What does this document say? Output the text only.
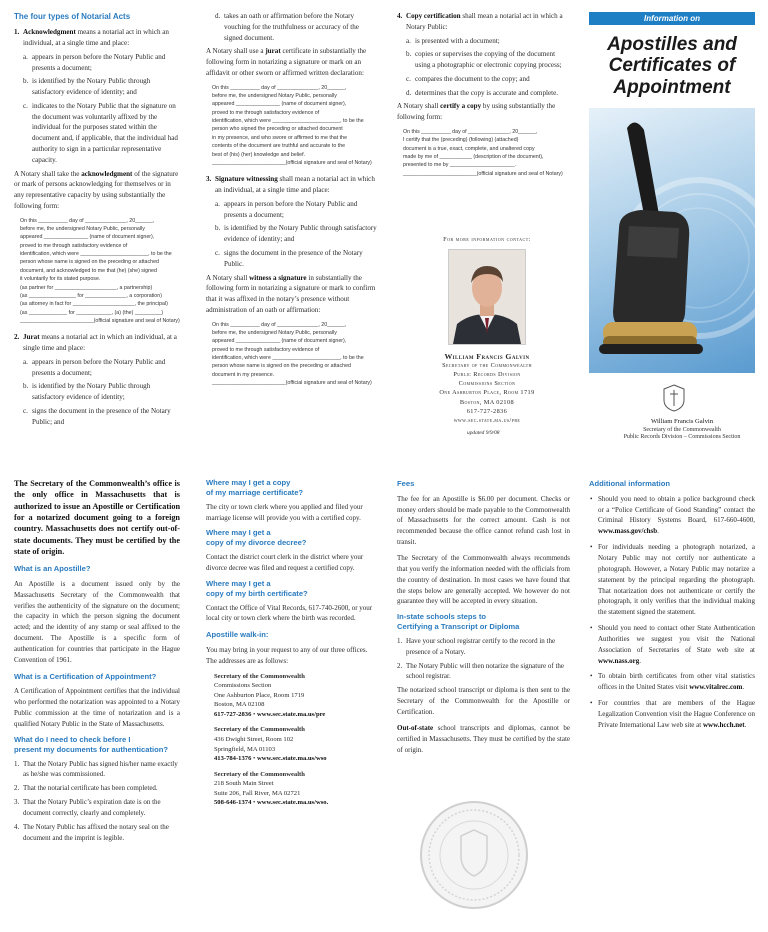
The four types of Notarial Acts
1. Acknowledgment means a notarial act in which an individual, at a single time and place:
a. appears in person before the Notary Public and presents a document;
b. is identified by the Notary Public through satisfactory evidence of identity; and
c. indicates to the Notary Public that the signature on the document was voluntarily affixed by the individual for the purposes stated within the document and, if applicable, that the individual had authority to sign in a particular representative capacity.

A Notary shall take the acknowledgment of the signature or mark of persons acknowledging for themselves or in any representative capacity by using substantially the following form:

On this __________ day of ______________, 20______,
before me, the undersigned Notary Public, personally
appeared _______________ (name of document signer),
proved to me through satisfactory evidence of
identification, which were _______________________, to be the
person whose name is signed on the preceding or attached
document, and acknowledged to me that (he) (she) signed
it voluntarily for its stated purpose.
(as partner for _____________________, a partnership)
(as ________________ for ______________, a corporation)
(as attorney in fact for _____________________, the principal)
(as _____________ for ____________, (a) (the) _________)
_________________________(official signature and seal of Notary)
2. Jurat means a notarial act in which an individual, at a single time and place:
a. appears in person before the Notary Public and presents a document;
b. is identified by the Notary Public through satisfactory evidence of identity;
c. signs the document in the presence of the Notary Public; and
d. takes an oath or affirmation before the Notary vouching for the truthfulness or accuracy of the signed document.

A Notary shall use a jurat certificate in substantially the following form in notarizing a signature or mark on an affidavit or other sworn or affirmed written declaration:

On this __________ day of ______________, 20______,
before me, the undersigned Notary Public, personally
appeared _______________ (name of document signer),
proved to me through satisfactory evidence of
identification, which were _______________________, to be the
person who signed the preceding or attached document
in my presence, and who swore or affirmed to me that the
contents of the document are truthful and accurate to the
best of (his) (her) knowledge and belief.
_________________________(official signature and seal of Notary)
3. Signature witnessing shall mean a notarial act in which an individual, at a single time and place:
a. appears in person before the Notary Public and presents a document;
b. is identified by the Notary Public through satisfactory evidence of identity; and
c. signs the document in the presence of the Notary Public.

A Notary shall witness a signature in substantially the following form in notarizing a signature or mark to confirm that it was affixed in the notary’s presence without administration of an oath or affirmation:

On this __________ day of ______________, 20______,
before me, the undersigned Notary Public, personally
appeared _______________ (name of document signer),
proved to me through satisfactory evidence of
identification, which were _______________________, to be the
person whose name is signed on the preceding or attached
document in my presence.
_________________________(official signature and seal of Notary)
4. Copy certification shall mean a notarial act in which a Notary Public:
a. is presented with a document;
b. copies or supervises the copying of the document using a photographic or electronic copying process;
c. compares the document to the copy; and
d. determines that the copy is accurate and complete.

A Notary shall certify a copy by using substantially the following form:

On this __________ day of ______________, 20______,
I certify that the (preceding) (following) (attached)
document is a true, exact, complete, and unaltered copy
made by me of ___________ (description of the document),
presented to me by ______________________.
_________________________(official signature and seal of Notary)
For more information contact:
William Francis Galvin
Secretary of the Commonwealth
Public Records Division
Commissions Section
One Ashburton Place, Room 1719
Boston, MA 02108
617-727-2836
www.sec.state.ma.us/pre
updated 9/9/08
Information on
Apostilles and
Certificates of
Appointment
William Francis Galvin
Secretary of the Commonwealth
Public Records Division – Commissions Section

The Secretary of the Commonwealth’s office is the only office in Massachusetts that is authorized to issue an Apostille or Certification for a notarized document going to a foreign country. Massachusetts does not certify out-of-state documents. They must be certified by the state of origin.

What is an Apostille?

An Apostille is a document issued only by the Massachusetts Secretary of the Commonwealth that verifies the authenticity of the signature on the document; the capacity in which the person signing the document acted; and the identity of any stamp or seal affixed to the document. The Apostille is a specific form of authentication for countries that participate in the Hague Convention of 1961.

What is a Certification of Appointment?

A Certification of Appointment certifies that the individual who performed the notarization was appointed to a Notary Public commission at the time of notarization and is a qualified Notary Public in the State of Massachusetts.

What do I need to check before I
present my documents for authentication?
1. That the Notary Public has signed his/her name exactly as he/she was commissioned.
2. That the notarial certificate has been completed.
3. That the Notary Public’s expiration date is on the document correctly, clearly and completely.
4. The Notary Public has affixed the notary seal on the document and the imprint is legible.
Where may I get a copy
of my marriage certificate?

The city or town clerk where you applied and filed your marriage license will provide you with a certified copy.

Where may I get a
copy of my divorce decree?

Contact the district court clerk in the district where your divorce decree was filed and request a certified copy.

Where may I get a
copy of my birth certificate?

Contact the Office of Vital Records, 617-740-2600, or your local city or town clerk where the birth was recorded.

Apostille walk-in:

You may bring in your request to any of our three offices. The addresses are as follows:

Secretary of the Commonwealth
Commissions Section
One Ashburton Place, Room 1719
Boston, MA 02108
617-727-2836 • www.sec.state.ma.us/pre
Secretary of the Commonwealth
436 Dwight Street, Room 102
Springfield, MA 01103
413-784-1376 • www.sec.state.ma.us/wso
Secretary of the Commonwealth
218 South Main Street
Suite 206, Fall River, MA 02721
508-646-1374 • www.sec.state.ma.us/wso.
Fees

The fee for an Apostille is $6.00 per document. Checks or money orders should be made payable to the Commonwealth of Massachusetts for the correct amount. Cash is not recommended because the office cannot refund cash lost in transit.

The Secretary of the Commonwealth always recommends that you verify the information needed with the officials from the country of destination. In most cases we have found that the steps below are generally accepted. We however do not guarantee they will be accepted in every situation.

In-state schools steps to
Certifying a Transcript or Diploma
1. Have your school registrar certify to the record in the presence of a Notary.
2. The Notary Public will then notarize the signature of the school registrar.

The notarized school transcript or diploma is then sent to the Secretary of the Commonwealth for the Apostille or Certification.

Out-of-state school transcripts and diplomas, cannot be certified in Massachusetts. They must be certified by the state of origin.

Additional information
• Should you need to obtain a police background check or a “Police Certificate of Good Standing” contact the Criminal History Systems Board, 617-660-4600, www.mass.gov/chsb.
• For individuals needing a photograph notarized, a Notary Public may not certify nor authenticate a photograph. However, a Notary Public may notarize a statement by the principal regarding the photograph. That notarization does not authenticate or certify the photograph, it only verifies that the individual making the statement signed the statement.
• Should you need to contact other State Authentication Authorities we suggest you visit the National Association of Secretaries of State web site at www.nass.org.
• To obtain birth certificates from other vital statistics offices in the United States visit www.vitalrec.com.
• For countries that are members of the Hague Legalization Convention visit the Hague Conference on Private International Law web site at www.hcch.net.
